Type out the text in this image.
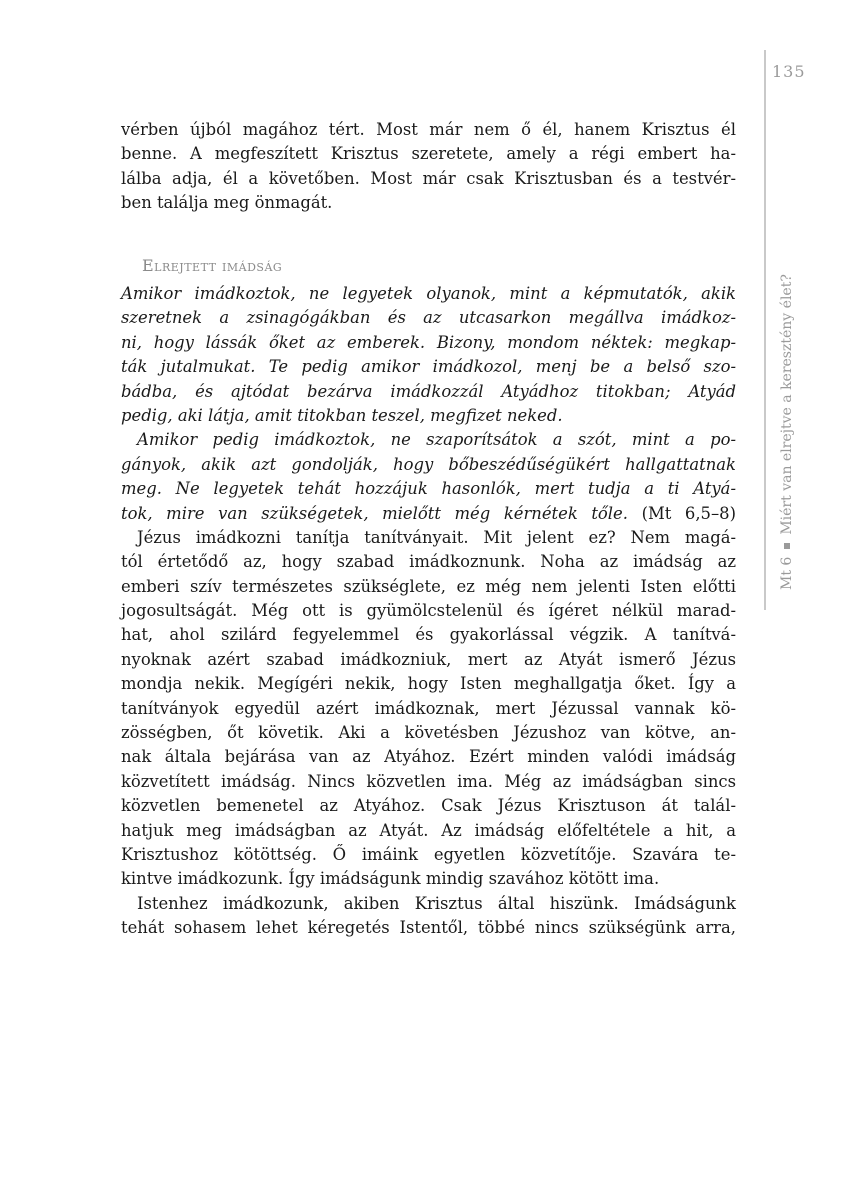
135
Mt 6Miért van elrejtve a keresztény élet?
vérben újból magához tért. Most már nem ő él, hanem Krisztus él
benne. A megfeszített Krisztus szeretete, amely a régi embert ha-
lálba adja, él a követőben. Most már csak Krisztusban és a testvér-
ben találja meg önmagát.
Elrejtett imádság
Amikor imádkoztok, ne legyetek olyanok, mint a képmutatók, akik
szeretnek a zsinagógákban és az utcasarkon megállva imádkoz-
ni, hogy lássák őket az emberek. Bizony, mondom néktek: megkap-
ták jutalmukat. Te pedig amikor imádkozol, menj be a belső szo-
bádba, és ajtódat bezárva imádkozzál Atyádhoz titokban; Atyád
pedig, aki látja, amit titokban teszel, megfizet neked.
Amikor pedig imádkoztok, ne szaporítsátok a szót, mint a po-
gányok, akik azt gondolják, hogy bőbeszédűségükért hallgattatnak
meg. Ne legyetek tehát hozzájuk hasonlók, mert tudja a ti Atyá-
tok, mire van szükségetek, mielőtt még kérnétek tőle. (Mt 6,5–8)
Jézus imádkozni tanítja tanítványait. Mit jelent ez? Nem magá-
tól értetődő az, hogy szabad imádkoznunk. Noha az imádság az
emberi szív természetes szükséglete, ez még nem jelenti Isten előtti
jogosultságát. Még ott is gyümölcstelenül és ígéret nélkül marad-
hat, ahol szilárd fegyelemmel és gyakorlással végzik. A tanítvá-
nyoknak azért szabad imádkozniuk, mert az Atyát ismerő Jézus
mondja nekik. Megígéri nekik, hogy Isten meghallgatja őket. Így a
tanítványok egyedül azért imádkoznak, mert Jézussal vannak kö-
zösségben, őt követik. Aki a követésben Jézushoz van kötve, an-
nak általa bejárása van az Atyához. Ezért minden valódi imádság
közvetített imádság. Nincs közvetlen ima. Még az imádságban sincs
közvetlen bemenetel az Atyához. Csak Jézus Krisztuson át talál-
hatjuk meg imádságban az Atyát. Az imádság előfeltétele a hit, a
Krisztushoz kötöttség. Ő imáink egyetlen közvetítője. Szavára te-
kintve imádkozunk. Így imádságunk mindig szavához kötött ima.
Istenhez imádkozunk, akiben Krisztus által hiszünk. Imádságunk
tehát sohasem lehet kéregetés Istentől, többé nincs szükségünk arra,
